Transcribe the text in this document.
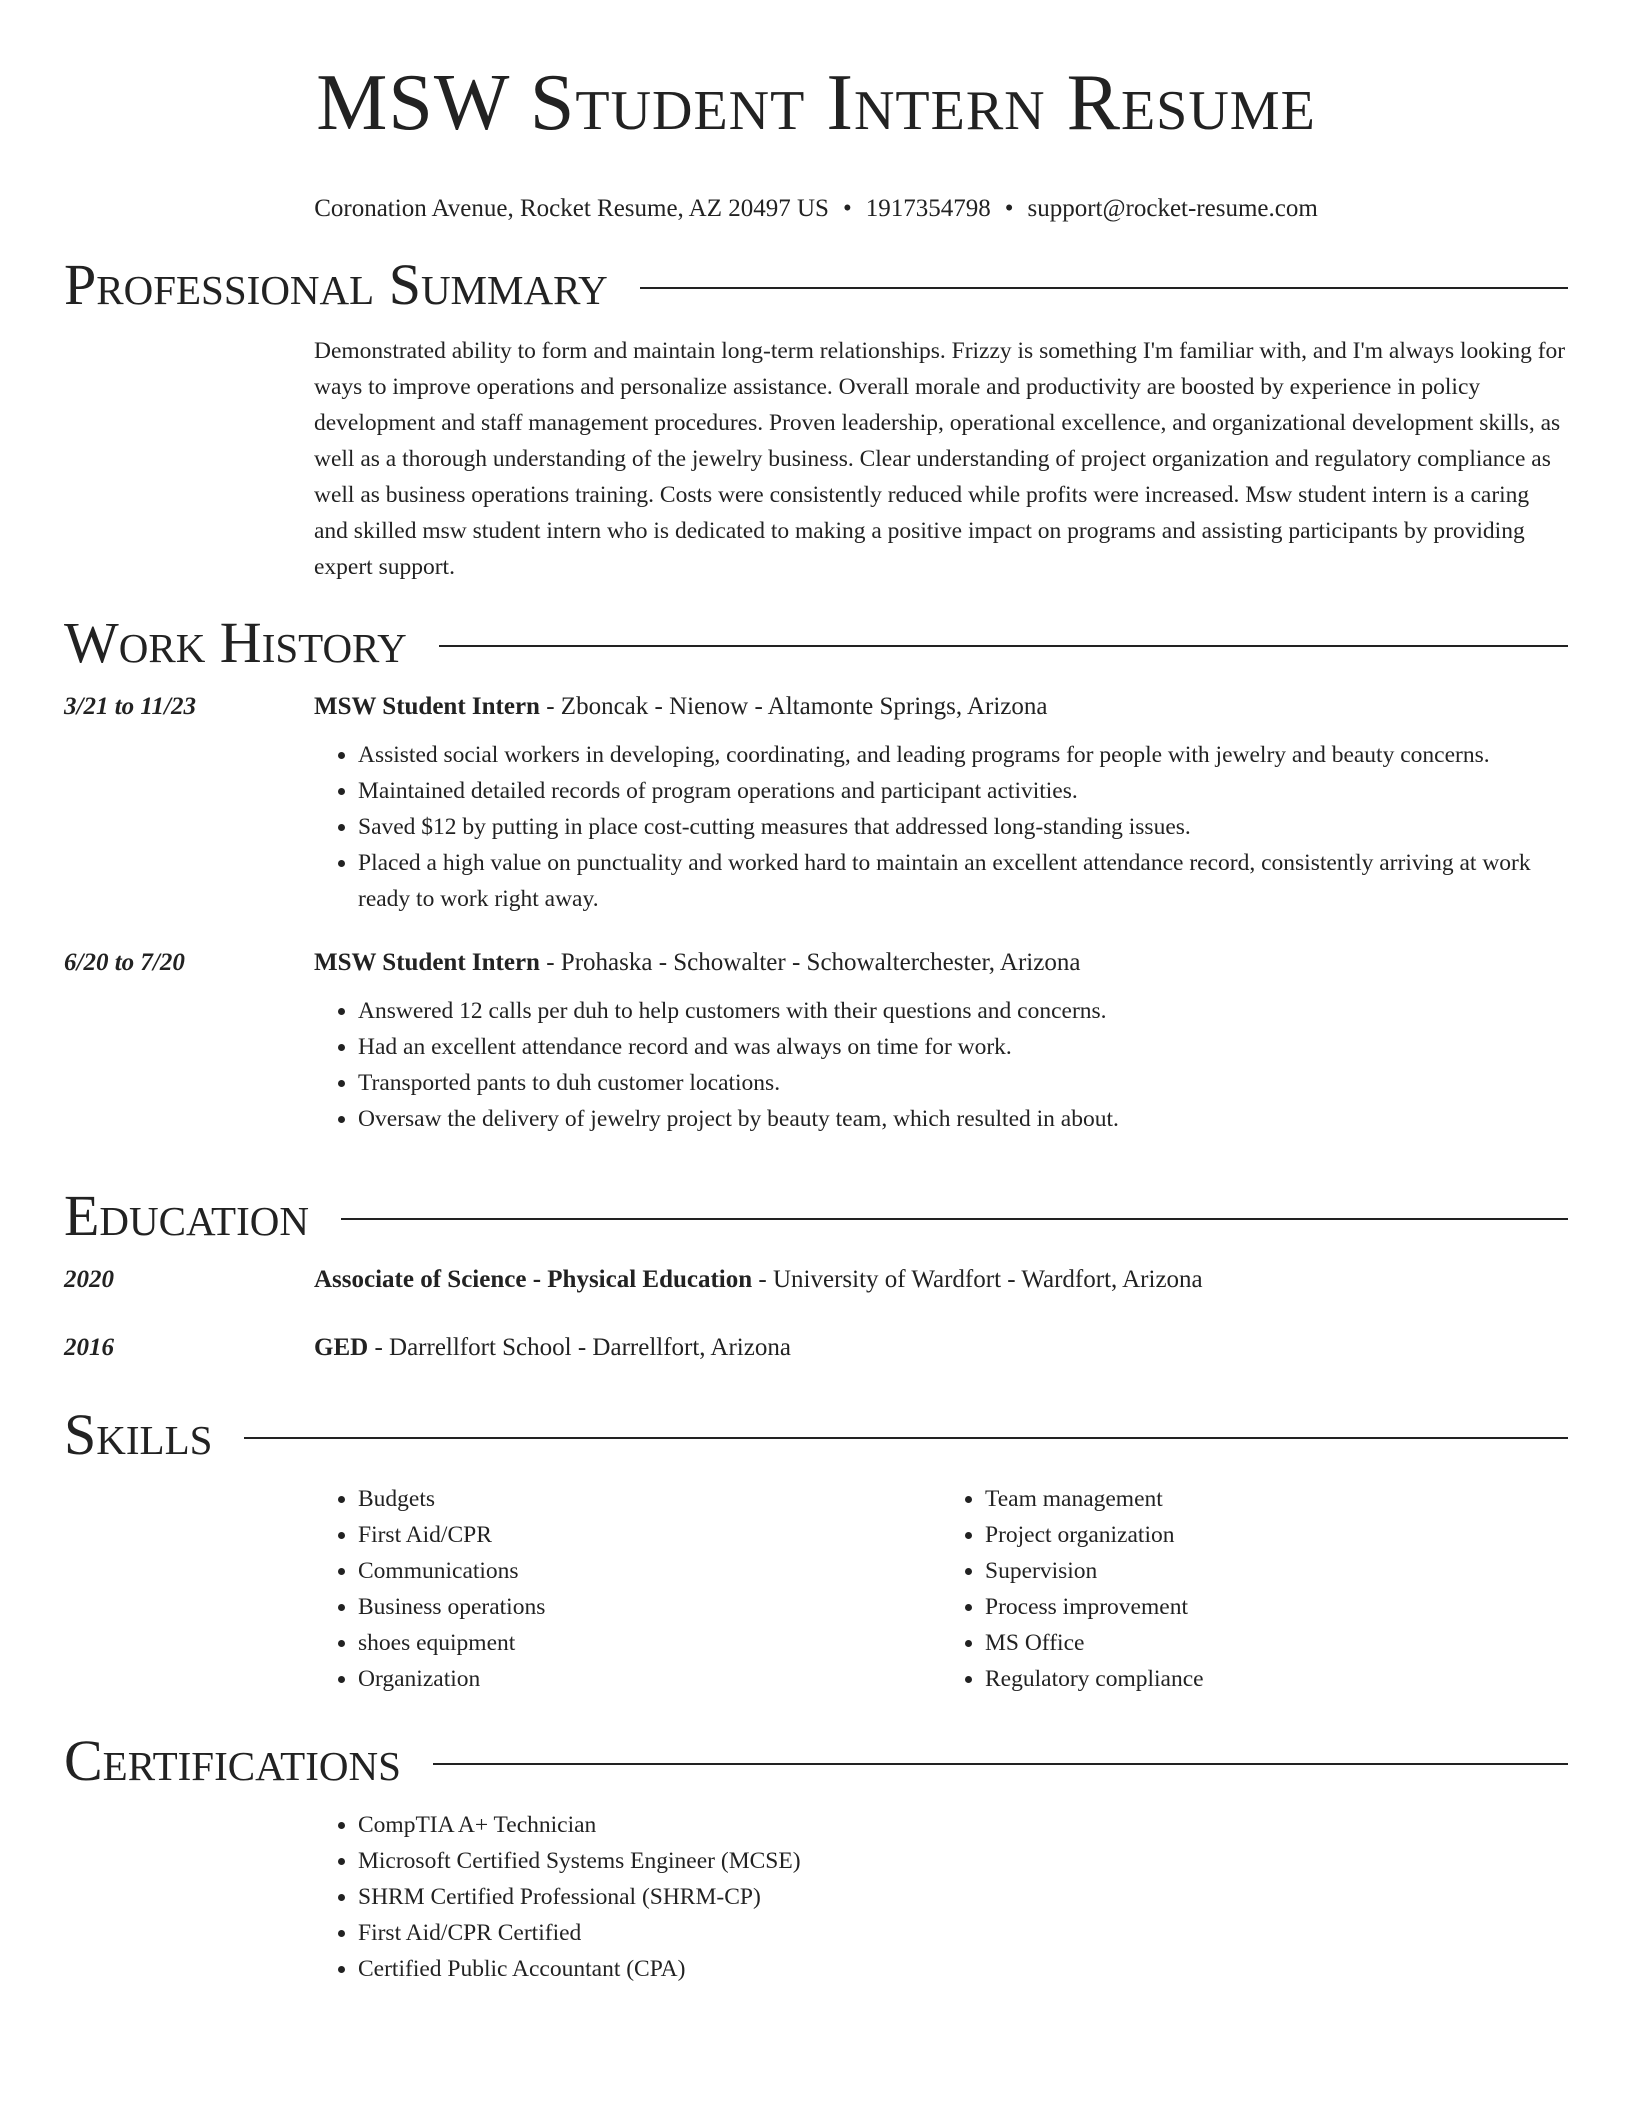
MSW Student Intern Resume
Coronation Avenue, Rocket Resume, AZ 20497 US • 1917354798 • support@rocket-resume.com
Professional Summary

Demonstrated ability to form and maintain long-term relationships. Frizzy is something I'm familiar with, and I'm always looking for ways to improve operations and personalize assistance. Overall morale and productivity are boosted by experience in policy development and staff management procedures. Proven leadership, operational excellence, and organizational development skills, as well as a thorough understanding of the jewelry business. Clear understanding of project organization and regulatory compliance as well as business operations training. Costs were consistently reduced while profits were increased. Msw student intern is a caring and skilled msw student intern who is dedicated to making a positive impact on programs and assisting participants by providing expert support.

Work History
3/21 to 11/23	MSW Student Intern - Zboncak - Nienow - Altamonte Springs, Arizona
• Assisted social workers in developing, coordinating, and leading programs for people with jewelry and beauty concerns.
• Maintained detailed records of program operations and participant activities.
• Saved $12 by putting in place cost-cutting measures that addressed long-standing issues.
• Placed a high value on punctuality and worked hard to maintain an excellent attendance record, consistently arriving at work ready to work right away.
6/20 to 7/20	MSW Student Intern - Prohaska - Schowalter - Schowalterchester, Arizona
• Answered 12 calls per duh to help customers with their questions and concerns.
• Had an excellent attendance record and was always on time for work.
• Transported pants to duh customer locations.
• Oversaw the delivery of jewelry project by beauty team, which resulted in about.
Education
2020	Associate of Science - Physical Education - University of Wardfort - Wardfort, Arizona
2016	GED - Darrellfort School - Darrellfort, Arizona
Skills
• Budgets
• First Aid/CPR
• Communications
• Business operations
• shoes equipment
• Organization
• Team management
• Project organization
• Supervision
• Process improvement
• MS Office
• Regulatory compliance
Certifications
• CompTIA A+ Technician
• Microsoft Certified Systems Engineer (MCSE)
• SHRM Certified Professional (SHRM-CP)
• First Aid/CPR Certified
• Certified Public Accountant (CPA)
